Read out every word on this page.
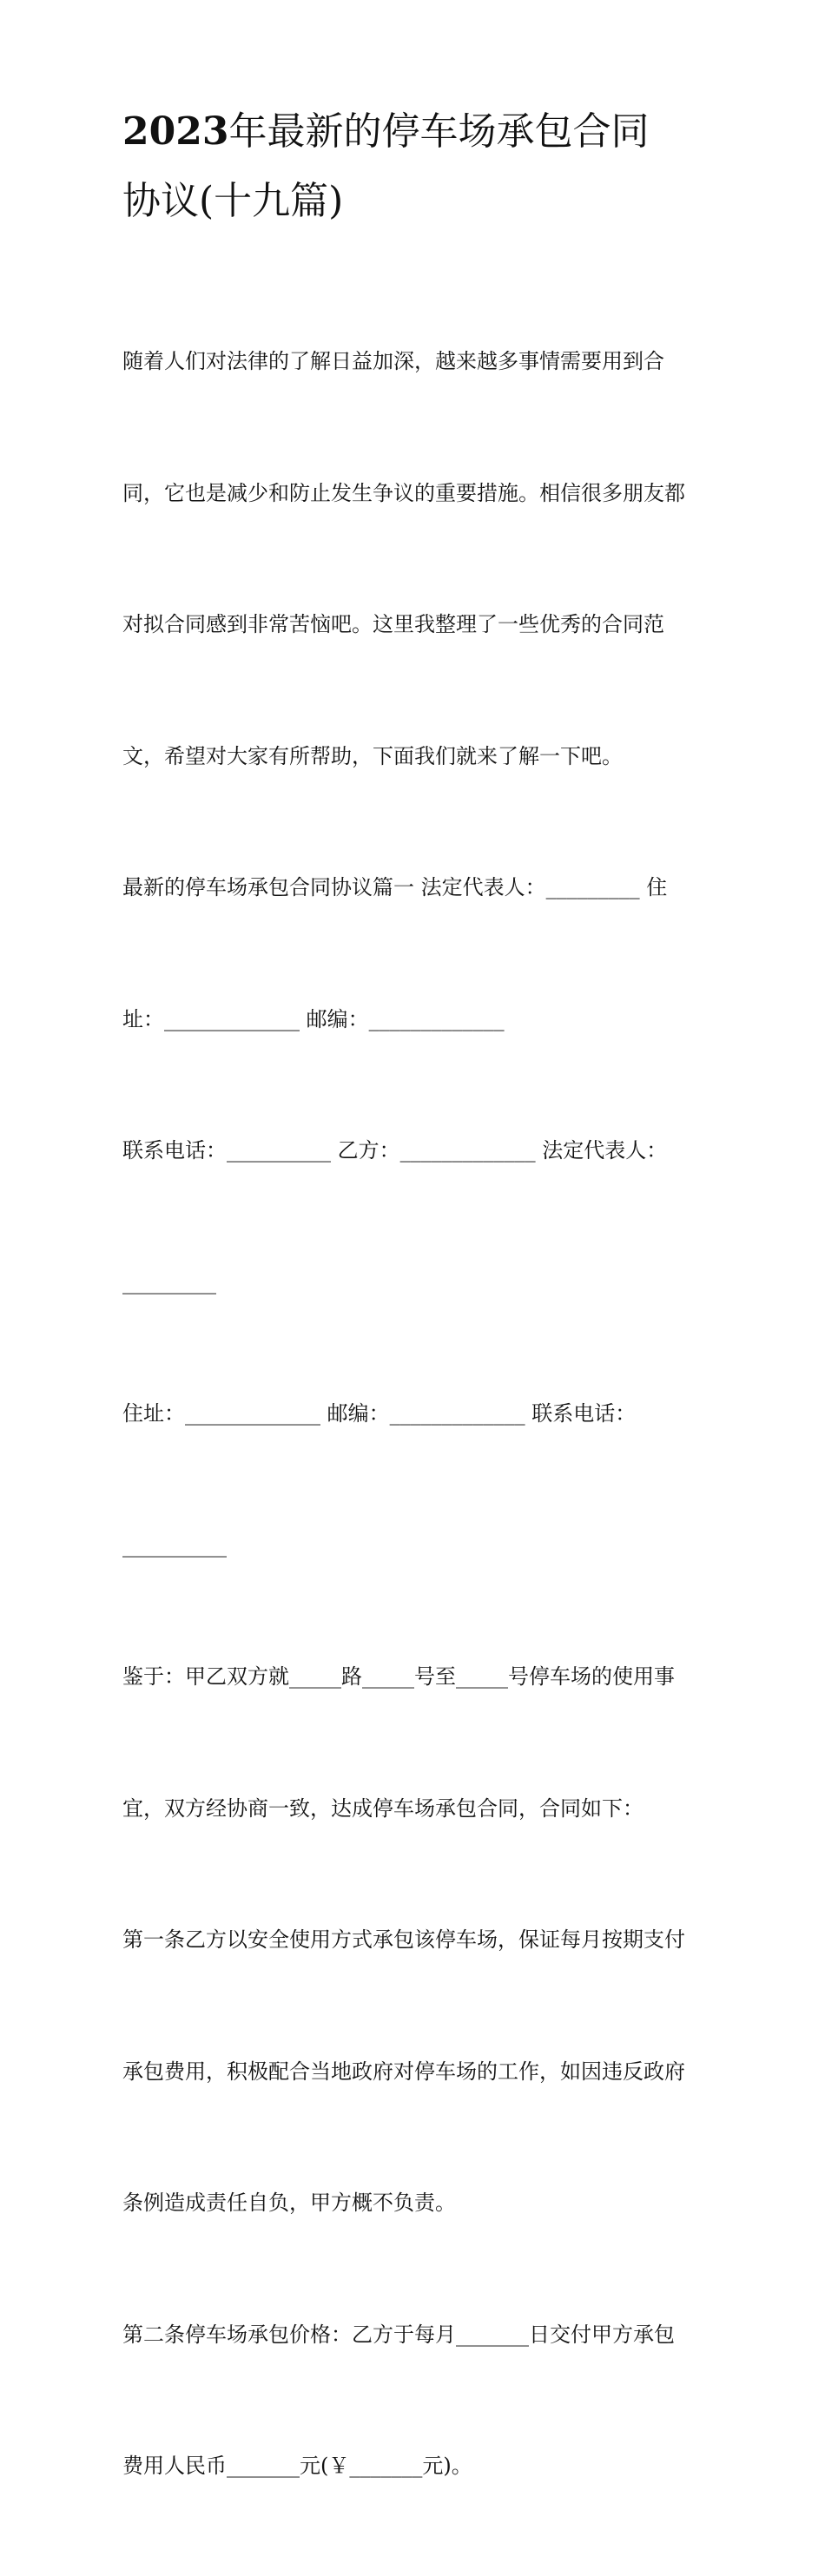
2023年最新的停车场承包合同
协议(十九篇)

随着人们对法律的了解日益加深，越来越多事情需要用到合

同，它也是减少和防止发生争议的重要措施。相信很多朋友都

对拟合同感到非常苦恼吧。这里我整理了一些优秀的合同范

文，希望对大家有所帮助，下面我们就来了解一下吧。

最新的停车场承包合同协议篇一 法定代表人：_________ 住

址：_____________ 邮编：_____________

联系电话：__________ 乙方：_____________ 法定代表人：

_________

住址：_____________ 邮编：_____________ 联系电话：

__________

鉴于：甲乙双方就_____路_____号至_____号停车场的使用事

宜，双方经协商一致，达成停车场承包合同，合同如下：

第一条乙方以安全使用方式承包该停车场，保证每月按期支付

承包费用，积极配合当地政府对停车场的工作，如因违反政府

条例造成责任自负，甲方概不负责。

第二条停车场承包价格：乙方于每月_______日交付甲方承包

费用人民币_______元(￥_______元)。
